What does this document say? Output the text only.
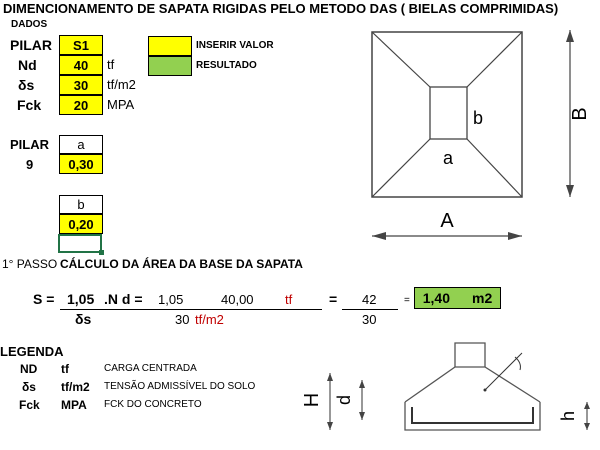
DIMENCIONAMENTO DE SAPATA RIGIDAS PELO METODO DAS ( BIELAS COMPRIMIDAS)
DADOS
PILAR	S1
Nd	40	tf
δs	30	tf/m2
Fck	20	MPA
INSERIR VALOR
RESULTADO
PILAR
9
a
0,30
b
0,20
1° PASSO CÁLCULO DA ÁREA DA BASE DA SAPATA
S = 1,05 .N d = 1,05	40,00 tf	= 42	= 1,40 m2
δs	30 tf/m2	30
LEGENDA
ND tf	CARGA CENTRADA
δs tf/m2 TENSÃO ADMISSÍVEL DO SOLO
Fck MPA FCK DO CONCRETO
A
B
a
b
H d
h
